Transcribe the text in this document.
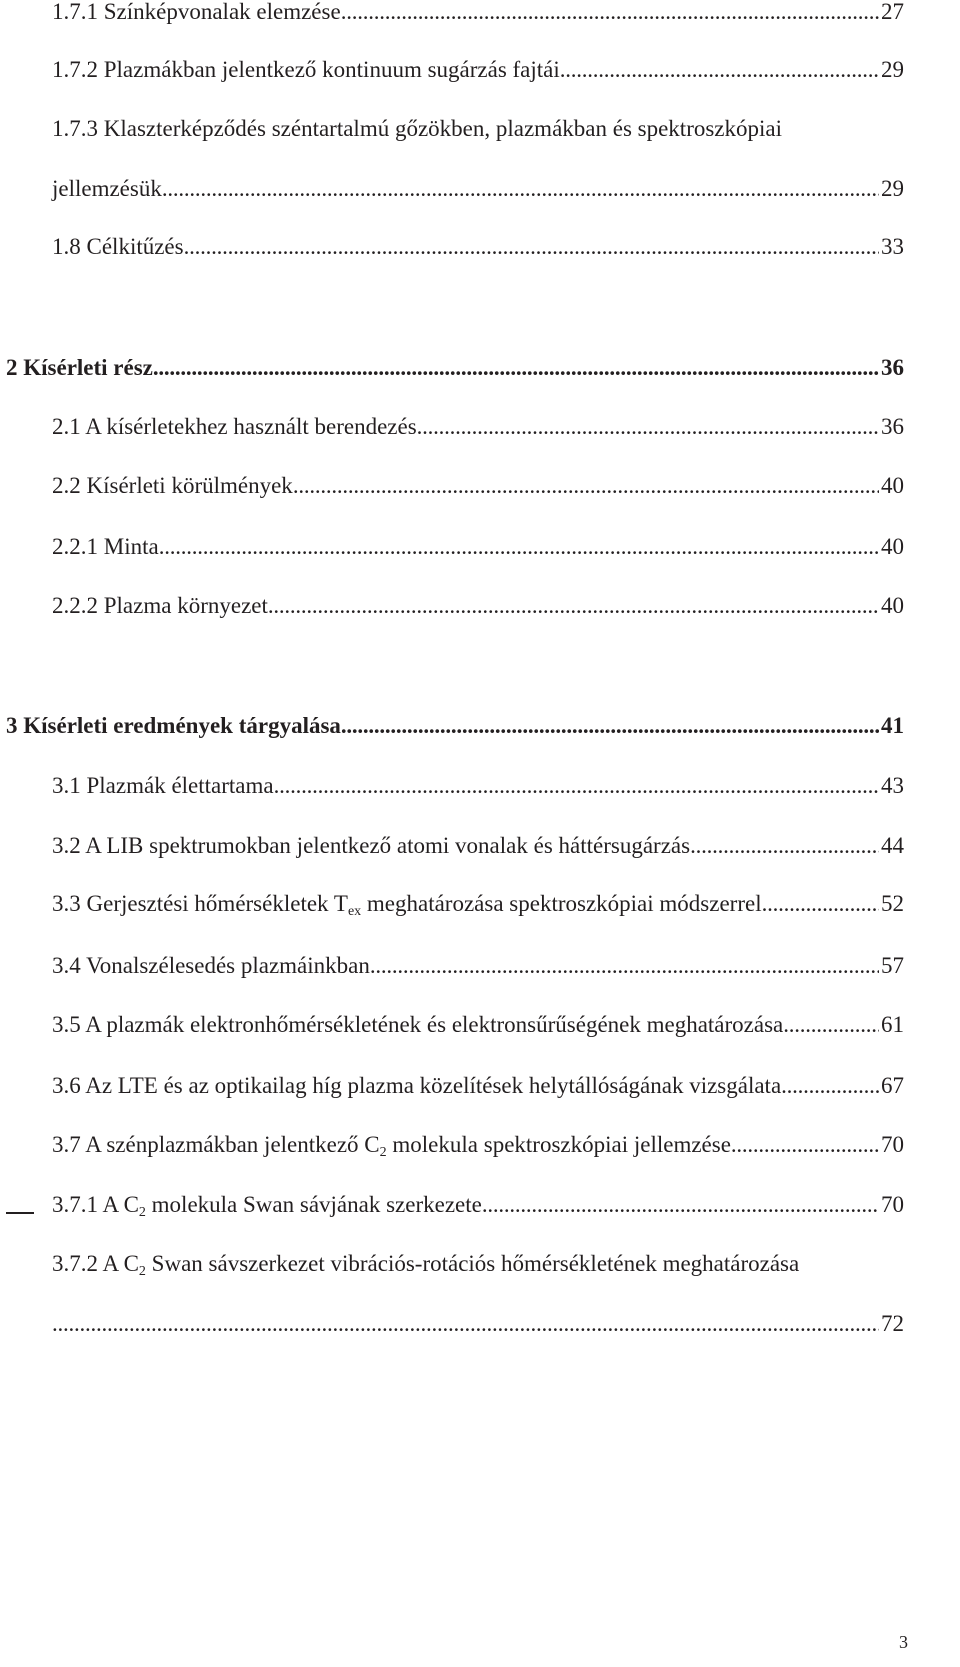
1.7.1 Színképvonalak elemzése . . .	27
1.7.2 Plazmákban jelentkező kontinuum sugárzás fajtái . . .	29
1.7.3 Klaszterképződés széntartalmú gőzökben, plazmákban és spektroszkópiai
jellemzésük . . .	29
1.8 Célkitűzés . . .	33
2 Kísérleti rész . . .	36
2.1 A kísérletekhez használt berendezés . . .	36
2.2 Kísérleti körülmények . . .	40
2.2.1 Minta . . .	40
2.2.2 Plazma környezet . . .	40
3 Kísérleti eredmények tárgyalása . . .	41
3.1 Plazmák élettartama . . .	43
3.2 A LIB spektrumokban jelentkező atomi vonalak és háttérsugárzás . . .	44
3.3 Gerjesztési hőmérsékletek $T_{ex}$ meghatározása spektroszkópiai módszerrel . . .	52
3.4 Vonalszélesedés plazmáinkban . . .	57
3.5 A plazmák elektronhőmérsékletének és elektronsűrűségének meghatározása . . .	61
3.6 Az LTE és az optikailag híg plazma közelítések helytállóságának vizsgálata . . .	67
3.7 A szénplazmákban jelentkező $C_2$ molekula spektroszkópiai jellemzése . . .	70
3.7.1 A $C_2$ molekula Swan sávjának szerkezete . . .	70
3.7.2 A $C_2$ Swan sávszerkezet vibrációs-rotációs hőmérsékletének meghatározása
. . .
72
3
